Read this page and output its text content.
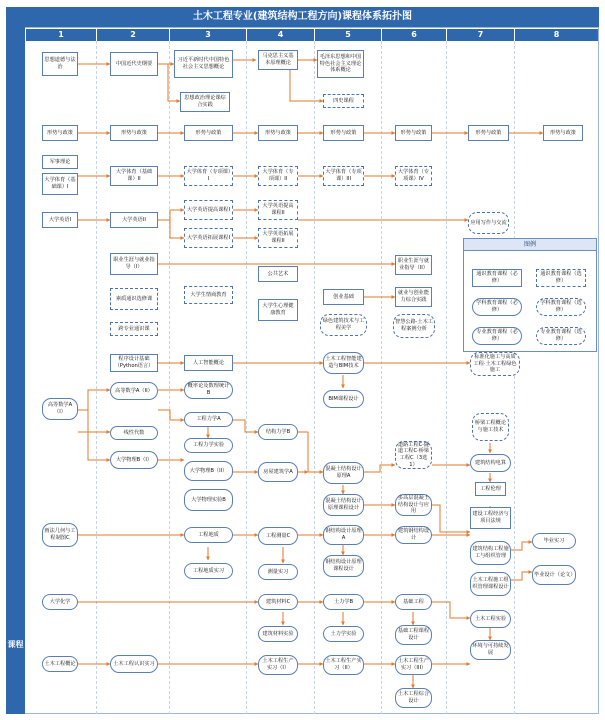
土木工程专业(建筑结构工程方向)课程体系拓扑图
课程
1	2	3	4	5	6	7	8
思想道德与法治
形势与政策
军事理论
大学体育（基础课）I
大学英语I
高等数学A（I）
画法几何与工程制图C
大学化学
土木工程概论
中国近代史纲要
形势与政策
大学体育（基础课）II
大学英语II
职业生涯与就业指导（I）
素质通识选修课
跨专业通识课
程序设计基础（Python语言）
高等数学A（II）
线性代数
大学物理B（I）
土木工程认识实习
习近平新时代中国特色社会主义思想概论
思想政治理论课综合实践
形势与政策
大学体育（专项课）I
大学英语提高课程I
大学英语拓展课程I
大学生情商教育
人工智能概论
概率论及数理统计B
工程力学A
工程力学实验
大学物理B（II）
大学物理实验B
工程地质
工程地质实习
马克思主义基本原理概论
形势与政策
大学体育（专项课）II
大学英语提高课程II
大学英语拓展课程II
公共艺术
大学生心理健康教育
结构力学B
房屋建筑学A
工程测量C
测量实习
建筑材料C
建筑材料实验
土木工程生产实习（I）
毛泽东思想和中国特色社会主义理论体系概论
四史课程
形势与政策
大学体育（专项课）III
创业基础
绿色建筑技术与工程美学
土木工程智能建造与BIM技术
BIM课程设计
混凝土结构设计原理A
混凝土结构设计原理课程设计
钢结构设计原理A
钢结构设计原理课程设计
土力学B
土力学实验
土木工程生产实习（II）
形势与政策
大学体育（专项课）IV
职业生涯与就业指导（II）
就业与创业能力综合实践
智慧公路·土木工程案例分析
道路工程C·隧道工程C·桥梁工程C（3选1）
多高层混凝土结构设计与应用
建筑钢结构设计
基础工程
基础工程课程设计
土木工程生产实习（III）
土木工程综合设计
形势与政策
应用写作与交流
标准化施工与高质工程·土木工程绿色施工
桥梁工程概论与施工技术
建筑结构电算
工程伦理
建设工程经济与项目法规
建筑结构工程施工与组织管理
土木工程施工组织管理课程设计
土木工程实验
环境与可持续发展
形势与政策
毕业实习
毕业设计（论文）
图例
通识教育课程（必修）
通识教育课程（选修）
学科教育课程（必修）
学科教育课程（选修）
专业教育课程（必修）
专业教育课程（选修）
